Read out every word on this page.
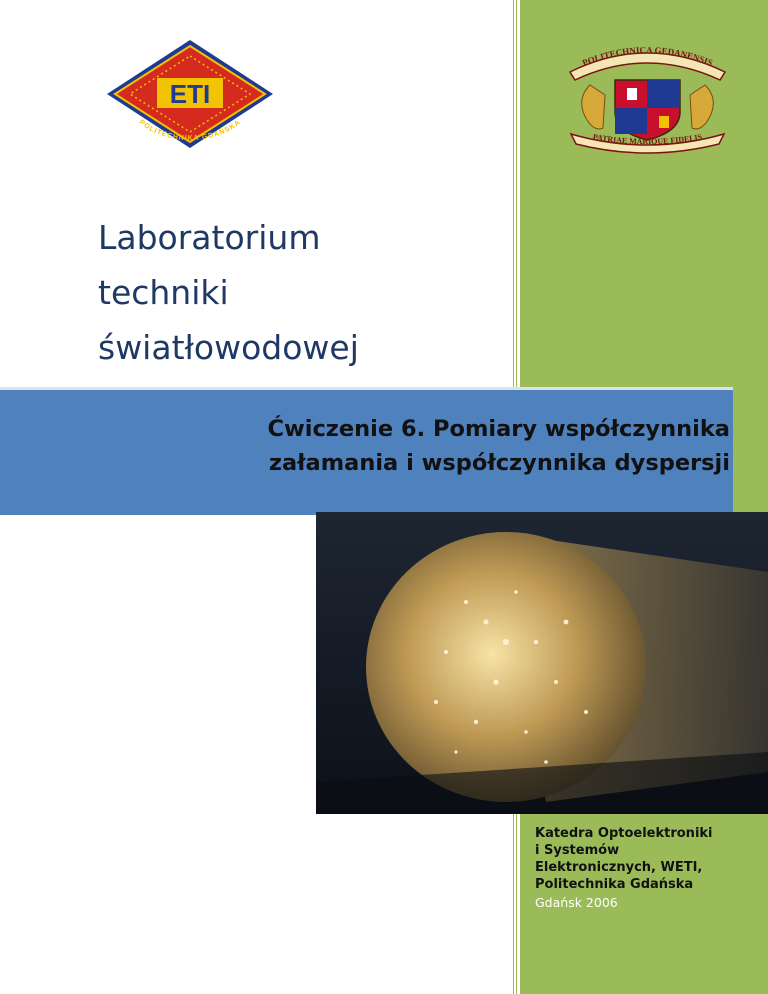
ETI
POLITECHNIKA GDAŃSKA
POLITECHNICA GEDANENSIS
PATRIAE MARIQUE FIDELIS
Laboratorium
techniki
światłowodowej
Ćwiczenie 6. Pomiary współczynnika
załamania i współczynnika dyspersji
Katedra Optoelektroniki
i Systemów
Elektronicznych, WETI,
Politechnika Gdańska
Gdańsk 2006
